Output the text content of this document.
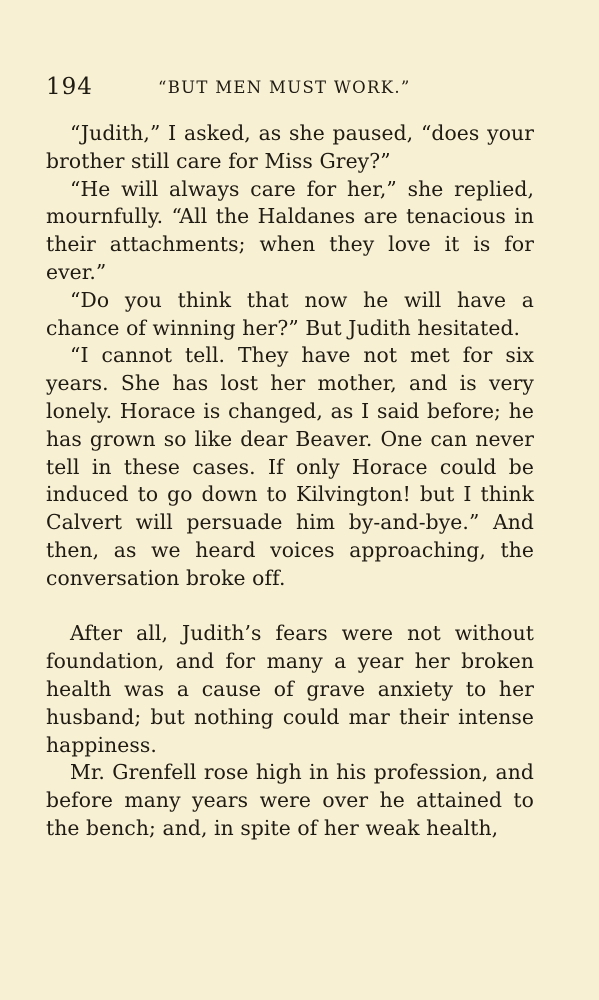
194	“BUT MEN MUST WORK.”

“Judith,” I asked, as she paused, “does your brother still care for Miss Grey?”

“He will always care for her,” she replied, mournfully. “All the Haldanes are tenacious in their attachments; when they love it is for ever.”

“Do you think that now he will have a chance of winning her?” But Judith hesitated.

“I cannot tell. They have not met for six years. She has lost her mother, and is very lonely. Horace is changed, as I said before; he has grown so like dear Beaver. One can never tell in these cases. If only Horace could be induced to go down to Kilvington! but I think Calvert will persuade him by-and-bye.” And then, as we heard voices approaching, the conversation broke off.

After all, Judith’s fears were not without foundation, and for many a year her broken health was a cause of grave anxiety to her husband; but nothing could mar their intense happiness.

Mr. Grenfell rose high in his profession, and before many years were over he attained to the bench; and, in spite of her weak health,
